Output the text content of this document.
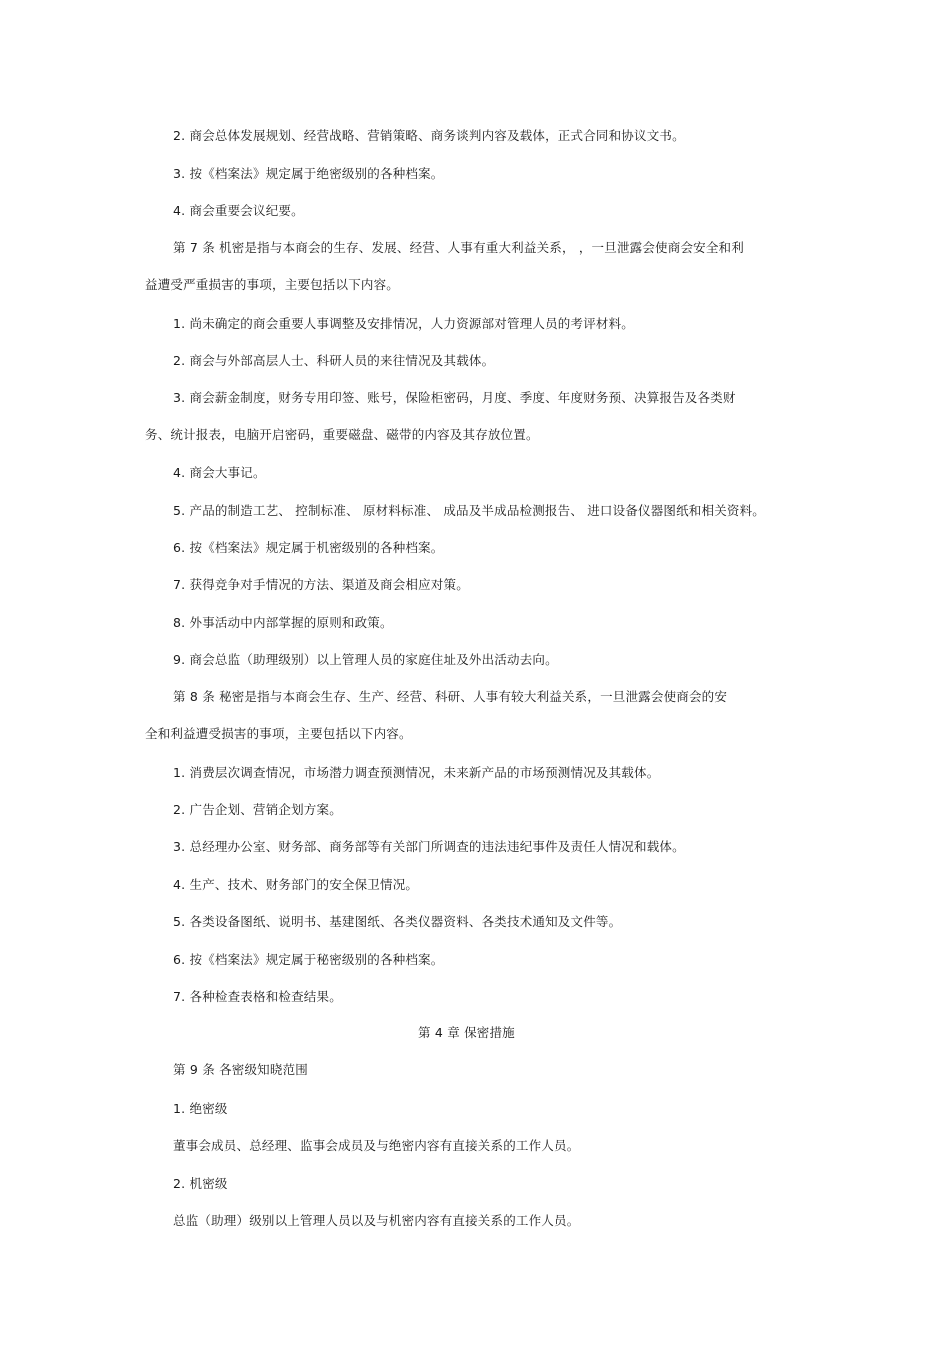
2. 商会总体发展规划、经营战略、营销策略、商务谈判内容及载体，正式合同和协议文书。
3. 按《档案法》规定属于绝密级别的各种档案。
4. 商会重要会议纪要。
第 7 条 机密是指与本商会的生存、发展、经营、人事有重大利益关系， ，一旦泄露会使商会安全和利
益遭受严重损害的事项，主要包括以下内容。
1. 尚未确定的商会重要人事调整及安排情况，人力资源部对管理人员的考评材料。
2. 商会与外部高层人士、科研人员的来往情况及其载体。
3. 商会薪金制度，财务专用印签、账号，保险柜密码，月度、季度、年度财务预、决算报告及各类财
务、统计报表，电脑开启密码，重要磁盘、磁带的内容及其存放位置。
4. 商会大事记。
5. 产品的制造工艺、 控制标准、 原材料标准、 成品及半成品检测报告、 进口设备仪器图纸和相关资料。
6. 按《档案法》规定属于机密级别的各种档案。
7. 获得竞争对手情况的方法、渠道及商会相应对策。
8. 外事活动中内部掌握的原则和政策。
9. 商会总监（助理级别）以上管理人员的家庭住址及外出活动去向。
第 8 条 秘密是指与本商会生存、生产、经营、科研、人事有较大利益关系，一旦泄露会使商会的安
全和利益遭受损害的事项，主要包括以下内容。
1. 消费层次调查情况，市场潜力调查预测情况，未来新产品的市场预测情况及其载体。
2. 广告企划、营销企划方案。
3. 总经理办公室、财务部、商务部等有关部门所调查的违法违纪事件及责任人情况和载体。
4. 生产、技术、财务部门的安全保卫情况。
5. 各类设备图纸、说明书、基建图纸、各类仪器资料、各类技术通知及文件等。
6. 按《档案法》规定属于秘密级别的各种档案。
7. 各种检查表格和检查结果。
第 4 章 保密措施
第 9 条 各密级知晓范围
1. 绝密级
董事会成员、总经理、监事会成员及与绝密内容有直接关系的工作人员。
2. 机密级
总监（助理）级别以上管理人员以及与机密内容有直接关系的工作人员。
